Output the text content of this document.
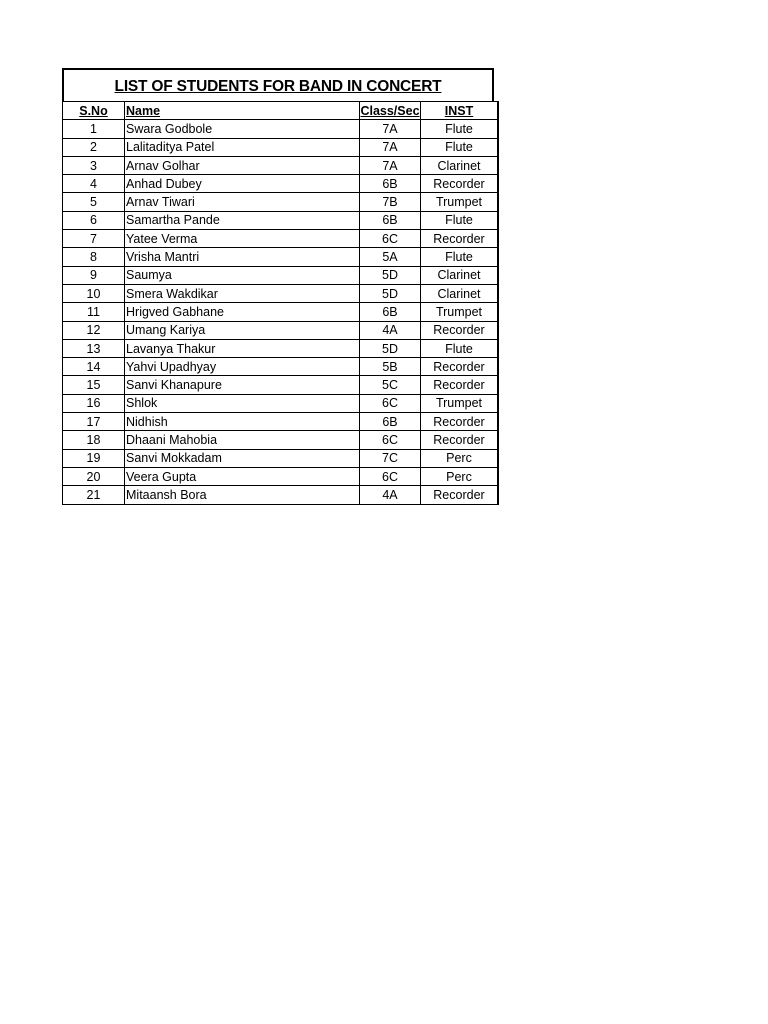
LIST OF STUDENTS FOR BAND IN CONCERT
S.No	Name	Class/Sec	INST
1	Swara Godbole	7A	Flute
2	Lalitaditya Patel	7A	Flute
3	Arnav Golhar	7A	Clarinet
4	Anhad Dubey	6B	Recorder
5	Arnav Tiwari	7B	Trumpet
6	Samartha Pande	6B	Flute
7	Yatee Verma	6C	Recorder
8	Vrisha Mantri	5A	Flute
9	Saumya	5D	Clarinet
10	Smera Wakdikar	5D	Clarinet
11	Hrigved Gabhane	6B	Trumpet
12	Umang Kariya	4A	Recorder
13	Lavanya Thakur	5D	Flute
14	Yahvi Upadhyay	5B	Recorder
15	Sanvi Khanapure	5C	Recorder
16	Shlok	6C	Trumpet
17	Nidhish	6B	Recorder
18	Dhaani Mahobia	6C	Recorder
19	Sanvi Mokkadam	7C	Perc
20	Veera Gupta	6C	Perc
21	Mitaansh Bora	4A	Recorder
